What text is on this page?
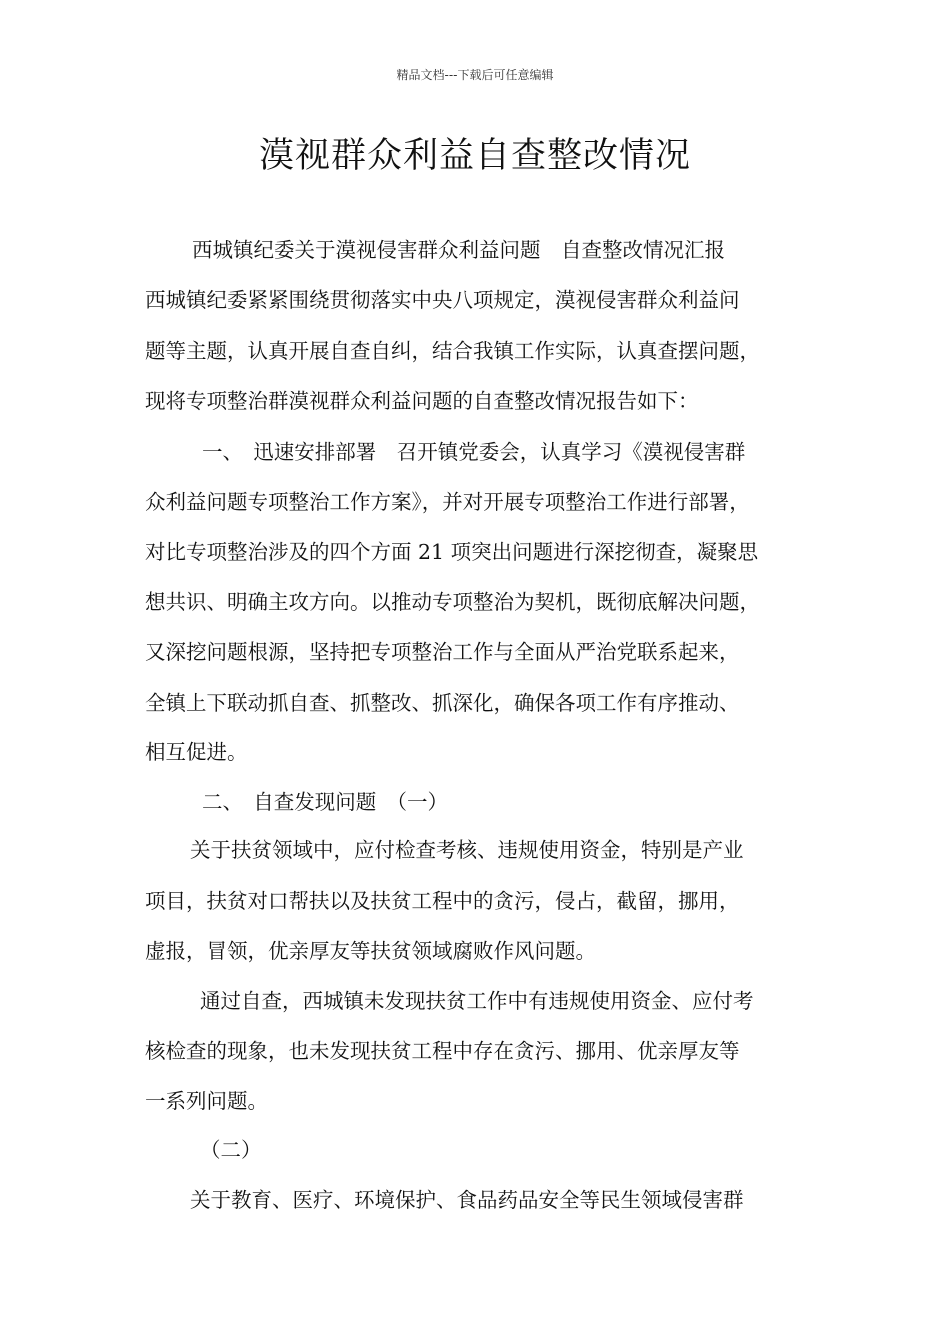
精品文档---下载后可任意编辑
漠视群众利益自查整改情况
西城镇纪委关于漠视侵害群众利益问题　自查整改情况汇报
西城镇纪委紧紧围绕贯彻落实中央八项规定，漠视侵害群众利益问
题等主题，认真开展自查自纠，结合我镇工作实际，认真查摆问题，
现将专项整治群漠视群众利益问题的自查整改情况报告如下：
一、　迅速安排部署　召开镇党委会，认真学习《漠视侵害群
众利益问题专项整治工作方案》，并对开展专项整治工作进行部署，
对比专项整治涉及的四个方面 21 项突出问题进行深挖彻查，凝聚思
想共识、明确主攻方向。以推动专项整治为契机，既彻底解决问题，
又深挖问题根源，坚持把专项整治工作与全面从严治党联系起来，
全镇上下联动抓自查、抓整改、抓深化，确保各项工作有序推动、
相互促进。
二、　自查发现问题　（一）
关于扶贫领域中，应付检查考核、违规使用资金，特别是产业
项目，扶贫对口帮扶以及扶贫工程中的贪污，侵占，截留，挪用，
虚报，冒领，优亲厚友等扶贫领域腐败作风问题。
通过自查，西城镇未发现扶贫工作中有违规使用资金、应付考
核检查的现象，也未发现扶贫工程中存在贪污、挪用、优亲厚友等
一系列问题。
（二）
关于教育、医疗、环境保护、食品药品安全等民生领域侵害群
